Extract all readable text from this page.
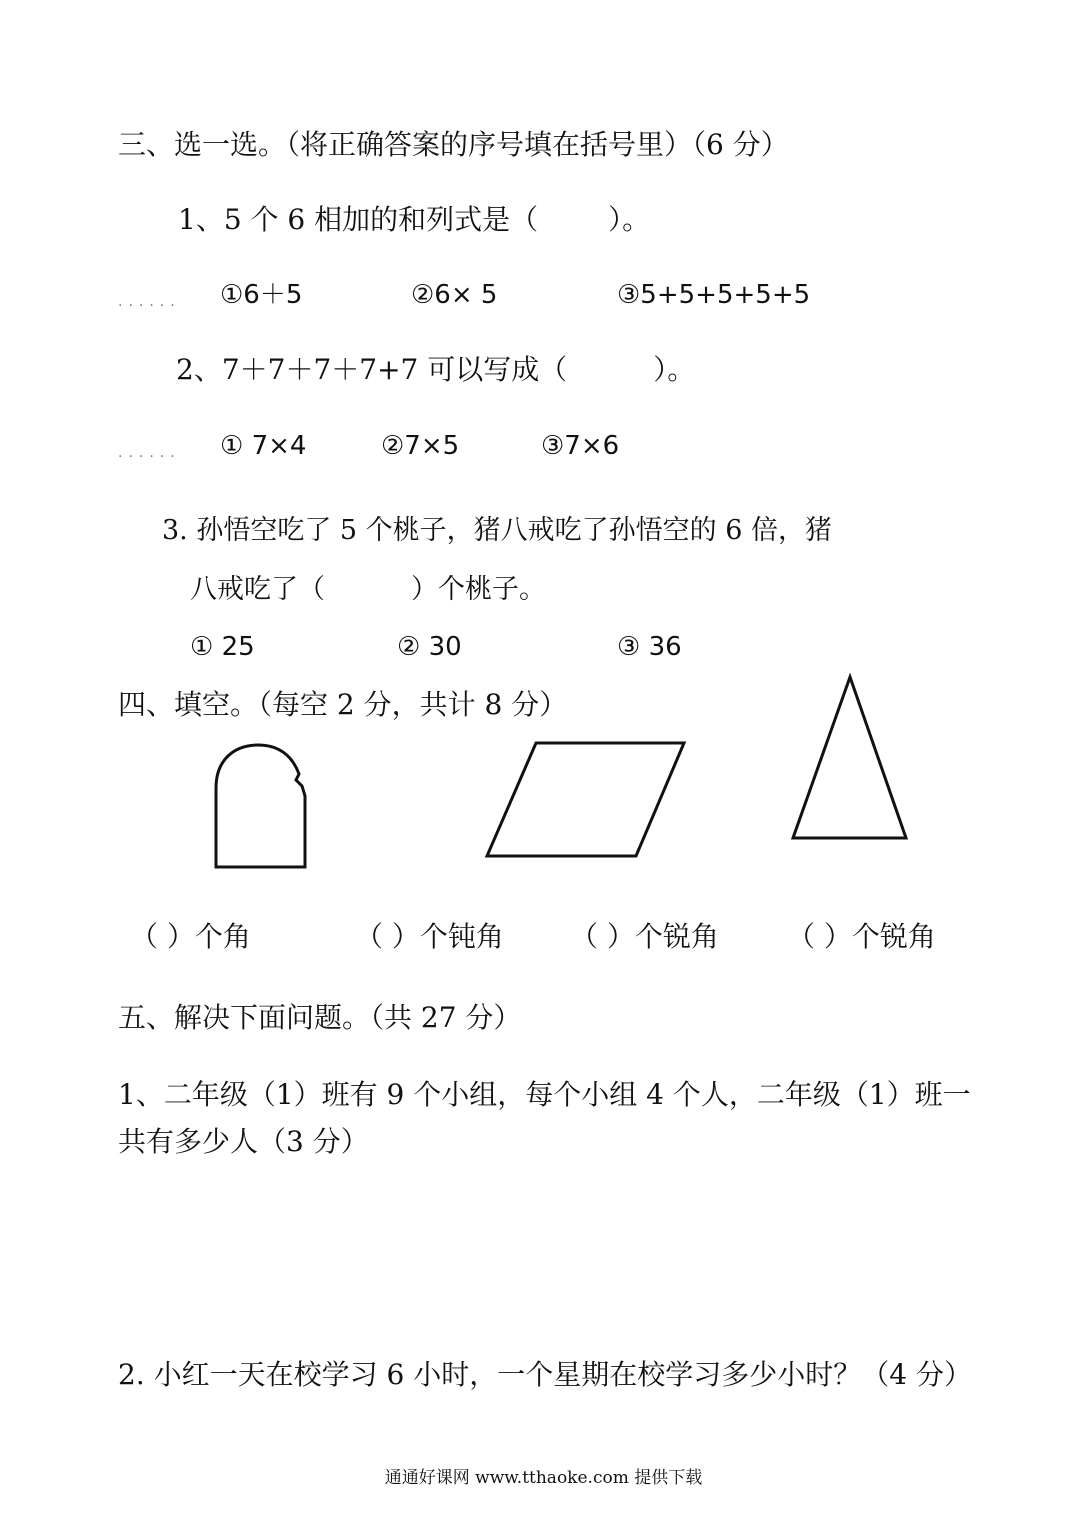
三、选一选。（将正确答案的序号填在括号里）（6 分）
1、5 个 6 相加的和列式是（	）。
...... ①6＋5	②6× 5	③5+5+5+5+5
2、7＋7＋7＋7+7 可以写成（	）。
...... ① 7×4	②7×5	③7×6
3. 孙悟空吃了 5 个桃子，猪八戒吃了孙悟空的 6 倍，猪
八戒吃了（	）个桃子。
① 25	② 30	③ 36
四、填空。（每空 2 分，共计 8 分）
（ ）个角	（ ）个钝角 （ ）个锐角 （ ）个锐角
五、解决下面问题。（共 27 分）
1、二年级（1）班有 9 个小组，每个小组 4 个人，二年级（1）班一
共有多少人（3 分）
2. 小红一天在校学习 6 小时，一个星期在校学习多少小时？（4 分）
通通好课网 www.tthaoke.com 提供下载
